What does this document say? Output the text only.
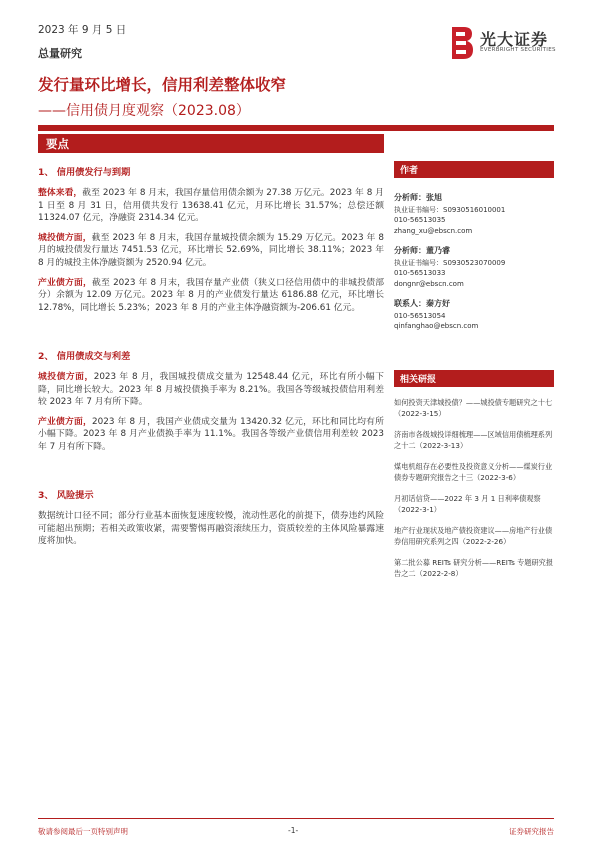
2023 年 9 月 5 日
总量研究
光大证券
EVERBRIGHT SECURITIES
发行量环比增长，信用利差整体收窄
——信用债月度观察（2023.08）
要点
1、 信用债发行与到期

整体来看，截至 2023 年 8 月末，我国存量信用债余额为 27.38 万亿元。2023 年 8 月 1 日至 8 月 31 日，信用债共发行 13638.41 亿元，月环比增长 31.57%；总偿还额 11324.07 亿元，净融资 2314.34 亿元。

城投债方面，截至 2023 年 8 月末，我国存量城投债余额为 15.29 万亿元。2023 年 8 月的城投债发行量达 7451.53 亿元，环比增长 52.69%，同比增长 38.11%；2023 年 8 月的城投主体净融资额为 2520.94 亿元。

产业债方面，截至 2023 年 8 月末，我国存量产业债（狭义口径信用债中的非城投债部分）余额为 12.09 万亿元。2023 年 8 月的产业债发行量达 6186.88 亿元，环比增长 12.78%，同比增长 5.23%；2023 年 8 月的产业主体净融资额为-206.61 亿元。

2、 信用债成交与利差

城投债方面，2023 年 8 月，我国城投债成交量为 12548.44 亿元，环比有所小幅下降，同比增长较大。2023 年 8 月城投债换手率为 8.21%。我国各等级城投债信用利差较 2023 年 7 月有所下降。

产业债方面，2023 年 8 月，我国产业债成交量为 13420.32 亿元，环比和同比均有所小幅下降。2023 年 8 月产业债换手率为 11.1%。我国各等级产业债信用利差较 2023 年 7 月有所下降。

3、 风险提示

数据统计口径不同；部分行业基本面恢复速度较慢，流动性恶化的前提下，债券违约风险可能超出预期；若相关政策收紧，需要警惕再融资滚续压力，资质较差的主体风险暴露速度将加快。

作者
分析师：张旭
执业证书编号：S0930516010001
010-56513035
zhang_xu@ebscn.com
分析师：董乃睿
执业证书编号：S0930523070009
010-56513033
dongnr@ebscn.com
联系人：秦方好
010-56513054
qinfanghao@ebscn.com
相关研报
如何投资天津城投债？——城投债专题研究之十七（2022-3-15）
济南市各级城投详细梳理——区域信用债梳理系列之十二（2022-3-13）
煤电机组存在必要性及投资意义分析——煤炭行业债券专题研究报告之十三（2022-3-6）
月初话信贷——2022 年 3 月 1 日利率债观察（2022-3-1）
地产行业现状及地产债投资建议——房地产行业债券信用研究系列之四（2022-2-26）
第二批公募 REITs 研究分析——REITs 专题研究报告之二（2022-2-8）
敬请参阅最后一页特别声明	-1-	证券研究报告
